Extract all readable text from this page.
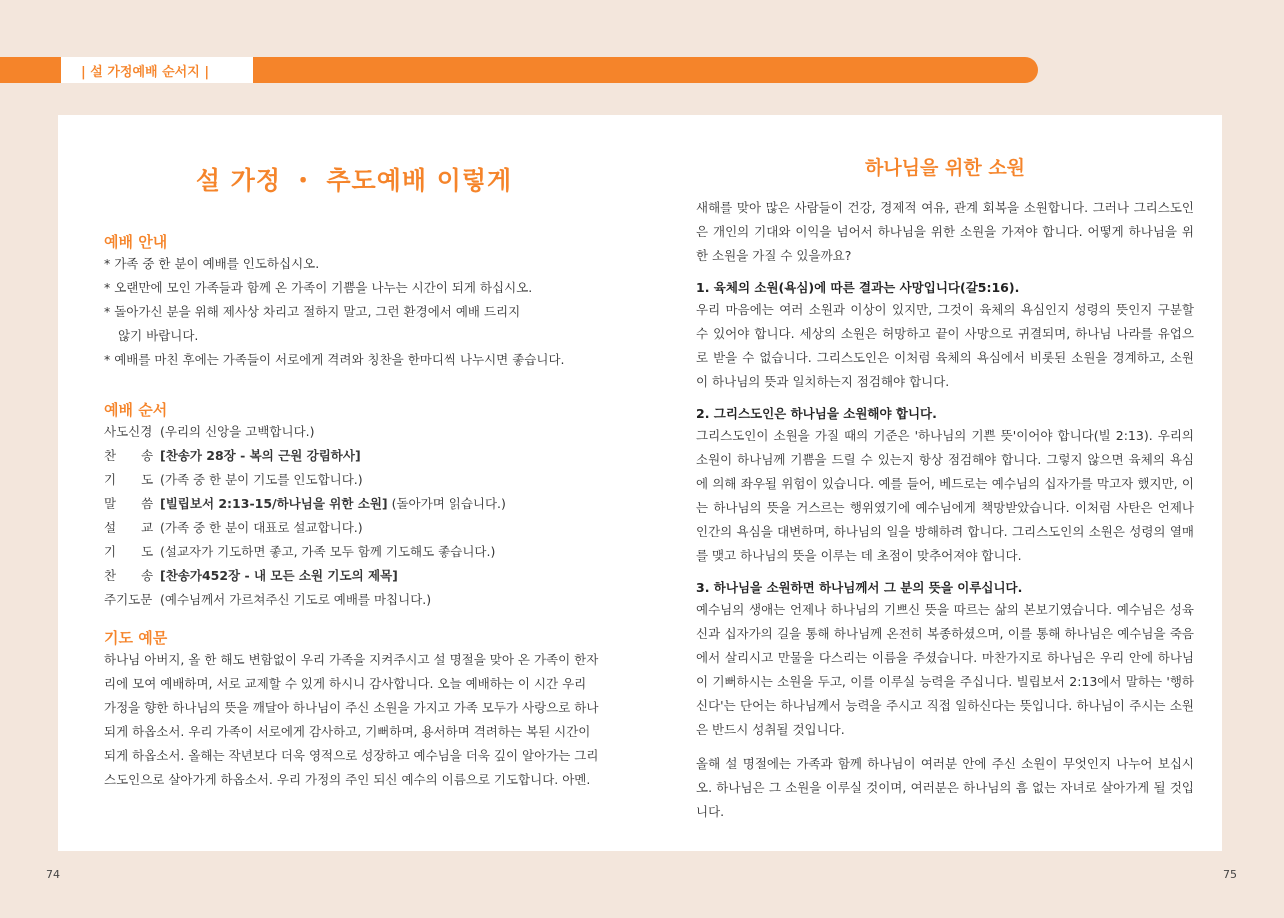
| 설 가정예배 순서지 |
설 가정 ・ 추도예배 이렇게
예배 안내
* 가족 중 한 분이 예배를 인도하십시오.
* 오랜만에 모인 가족들과 함께 온 가족이 기쁨을 나누는 시간이 되게 하십시오.
* 돌아가신 분을 위해 제사상 차리고 절하지 말고, 그런 환경에서 예배 드리지
않기 바랍니다.
* 예배를 마친 후에는 가족들이 서로에게 격려와 칭찬을 한마디씩 나누시면 좋습니다.
예배 순서
사도신경 (우리의 신앙을 고백합니다.)
찬　　송 [찬송가 28장 - 복의 근원 강림하사]
기　　도 (가족 중 한 분이 기도를 인도합니다.)
말　　씀 [빌립보서 2:13-15/하나님을 위한 소원] (돌아가며 읽습니다.)
설　　교 (가족 중 한 분이 대표로 설교합니다.)
기　　도 (설교자가 기도하면 좋고, 가족 모두 함께 기도해도 좋습니다.)
찬　　송 [찬송가452장 - 내 모든 소원 기도의 제목]
주기도문 (예수님께서 가르쳐주신 기도로 예배를 마칩니다.)
기도 예문
하나님 아버지, 올 한 해도 변함없이 우리 가족을 지켜주시고 설 명절을 맞아 온 가족이 한자
리에 모여 예배하며, 서로 교제할 수 있게 하시니 감사합니다. 오늘 예배하는 이 시간 우리
가정을 향한 하나님의 뜻을 깨달아 하나님이 주신 소원을 가지고 가족 모두가 사랑으로 하나
되게 하옵소서. 우리 가족이 서로에게 감사하고, 기뻐하며, 용서하며 격려하는 복된 시간이
되게 하옵소서. 올해는 작년보다 더욱 영적으로 성장하고 예수님을 더욱 깊이 알아가는 그리
스도인으로 살아가게 하옵소서. 우리 가정의 주인 되신 예수의 이름으로 기도합니다. 아멘.
하나님을 위한 소원

새해를 맞아 많은 사람들이 건강, 경제적 여유, 관계 회복을 소원합니다. 그러나 그리스도인은 개인의 기대와 이익을 넘어서 하나님을 위한 소원을 가져야 합니다. 어떻게 하나님을 위한 소원을 가질 수 있을까요?

1. 육체의 소원(욕심)에 따른 결과는 사망입니다(갈5:16).

우리 마음에는 여러 소원과 이상이 있지만, 그것이 육체의 욕심인지 성령의 뜻인지 구분할 수 있어야 합니다. 세상의 소원은 허망하고 끝이 사망으로 귀결되며, 하나님 나라를 유업으로 받을 수 없습니다. 그리스도인은 이처럼 육체의 욕심에서 비롯된 소원을 경계하고, 소원이 하나님의 뜻과 일치하는지 점검해야 합니다.

2. 그리스도인은 하나님을 소원해야 합니다.

그리스도인이 소원을 가질 때의 기준은 '하나님의 기쁜 뜻'이어야 합니다(빌 2:13). 우리의 소원이 하나님께 기쁨을 드릴 수 있는지 항상 점검해야 합니다. 그렇지 않으면 육체의 욕심에 의해 좌우될 위험이 있습니다. 예를 들어, 베드로는 예수님의 십자가를 막고자 했지만, 이는 하나님의 뜻을 거스르는 행위였기에 예수님에게 책망받았습니다. 이처럼 사탄은 언제나 인간의 욕심을 대변하며, 하나님의 일을 방해하려 합니다. 그리스도인의 소원은 성령의 열매를 맺고 하나님의 뜻을 이루는 데 초점이 맞추어져야 합니다.

3. 하나님을 소원하면 하나님께서 그 분의 뜻을 이루십니다.

예수님의 생애는 언제나 하나님의 기쁘신 뜻을 따르는 삶의 본보기였습니다. 예수님은 성육신과 십자가의 길을 통해 하나님께 온전히 복종하셨으며, 이를 통해 하나님은 예수님을 죽음에서 살리시고 만물을 다스리는 이름을 주셨습니다. 마찬가지로 하나님은 우리 안에 하나님이 기뻐하시는 소원을 두고, 이를 이루실 능력을 주십니다. 빌립보서 2:13에서 말하는 '행하신다'는 단어는 하나님께서 능력을 주시고 직접 일하신다는 뜻입니다. 하나님이 주시는 소원은 반드시 성취될 것입니다.

올해 설 명절에는 가족과 함께 하나님이 여러분 안에 주신 소원이 무엇인지 나누어 보십시오. 하나님은 그 소원을 이루실 것이며, 여러분은 하나님의 흠 없는 자녀로 살아가게 될 것입니다.

74	75
